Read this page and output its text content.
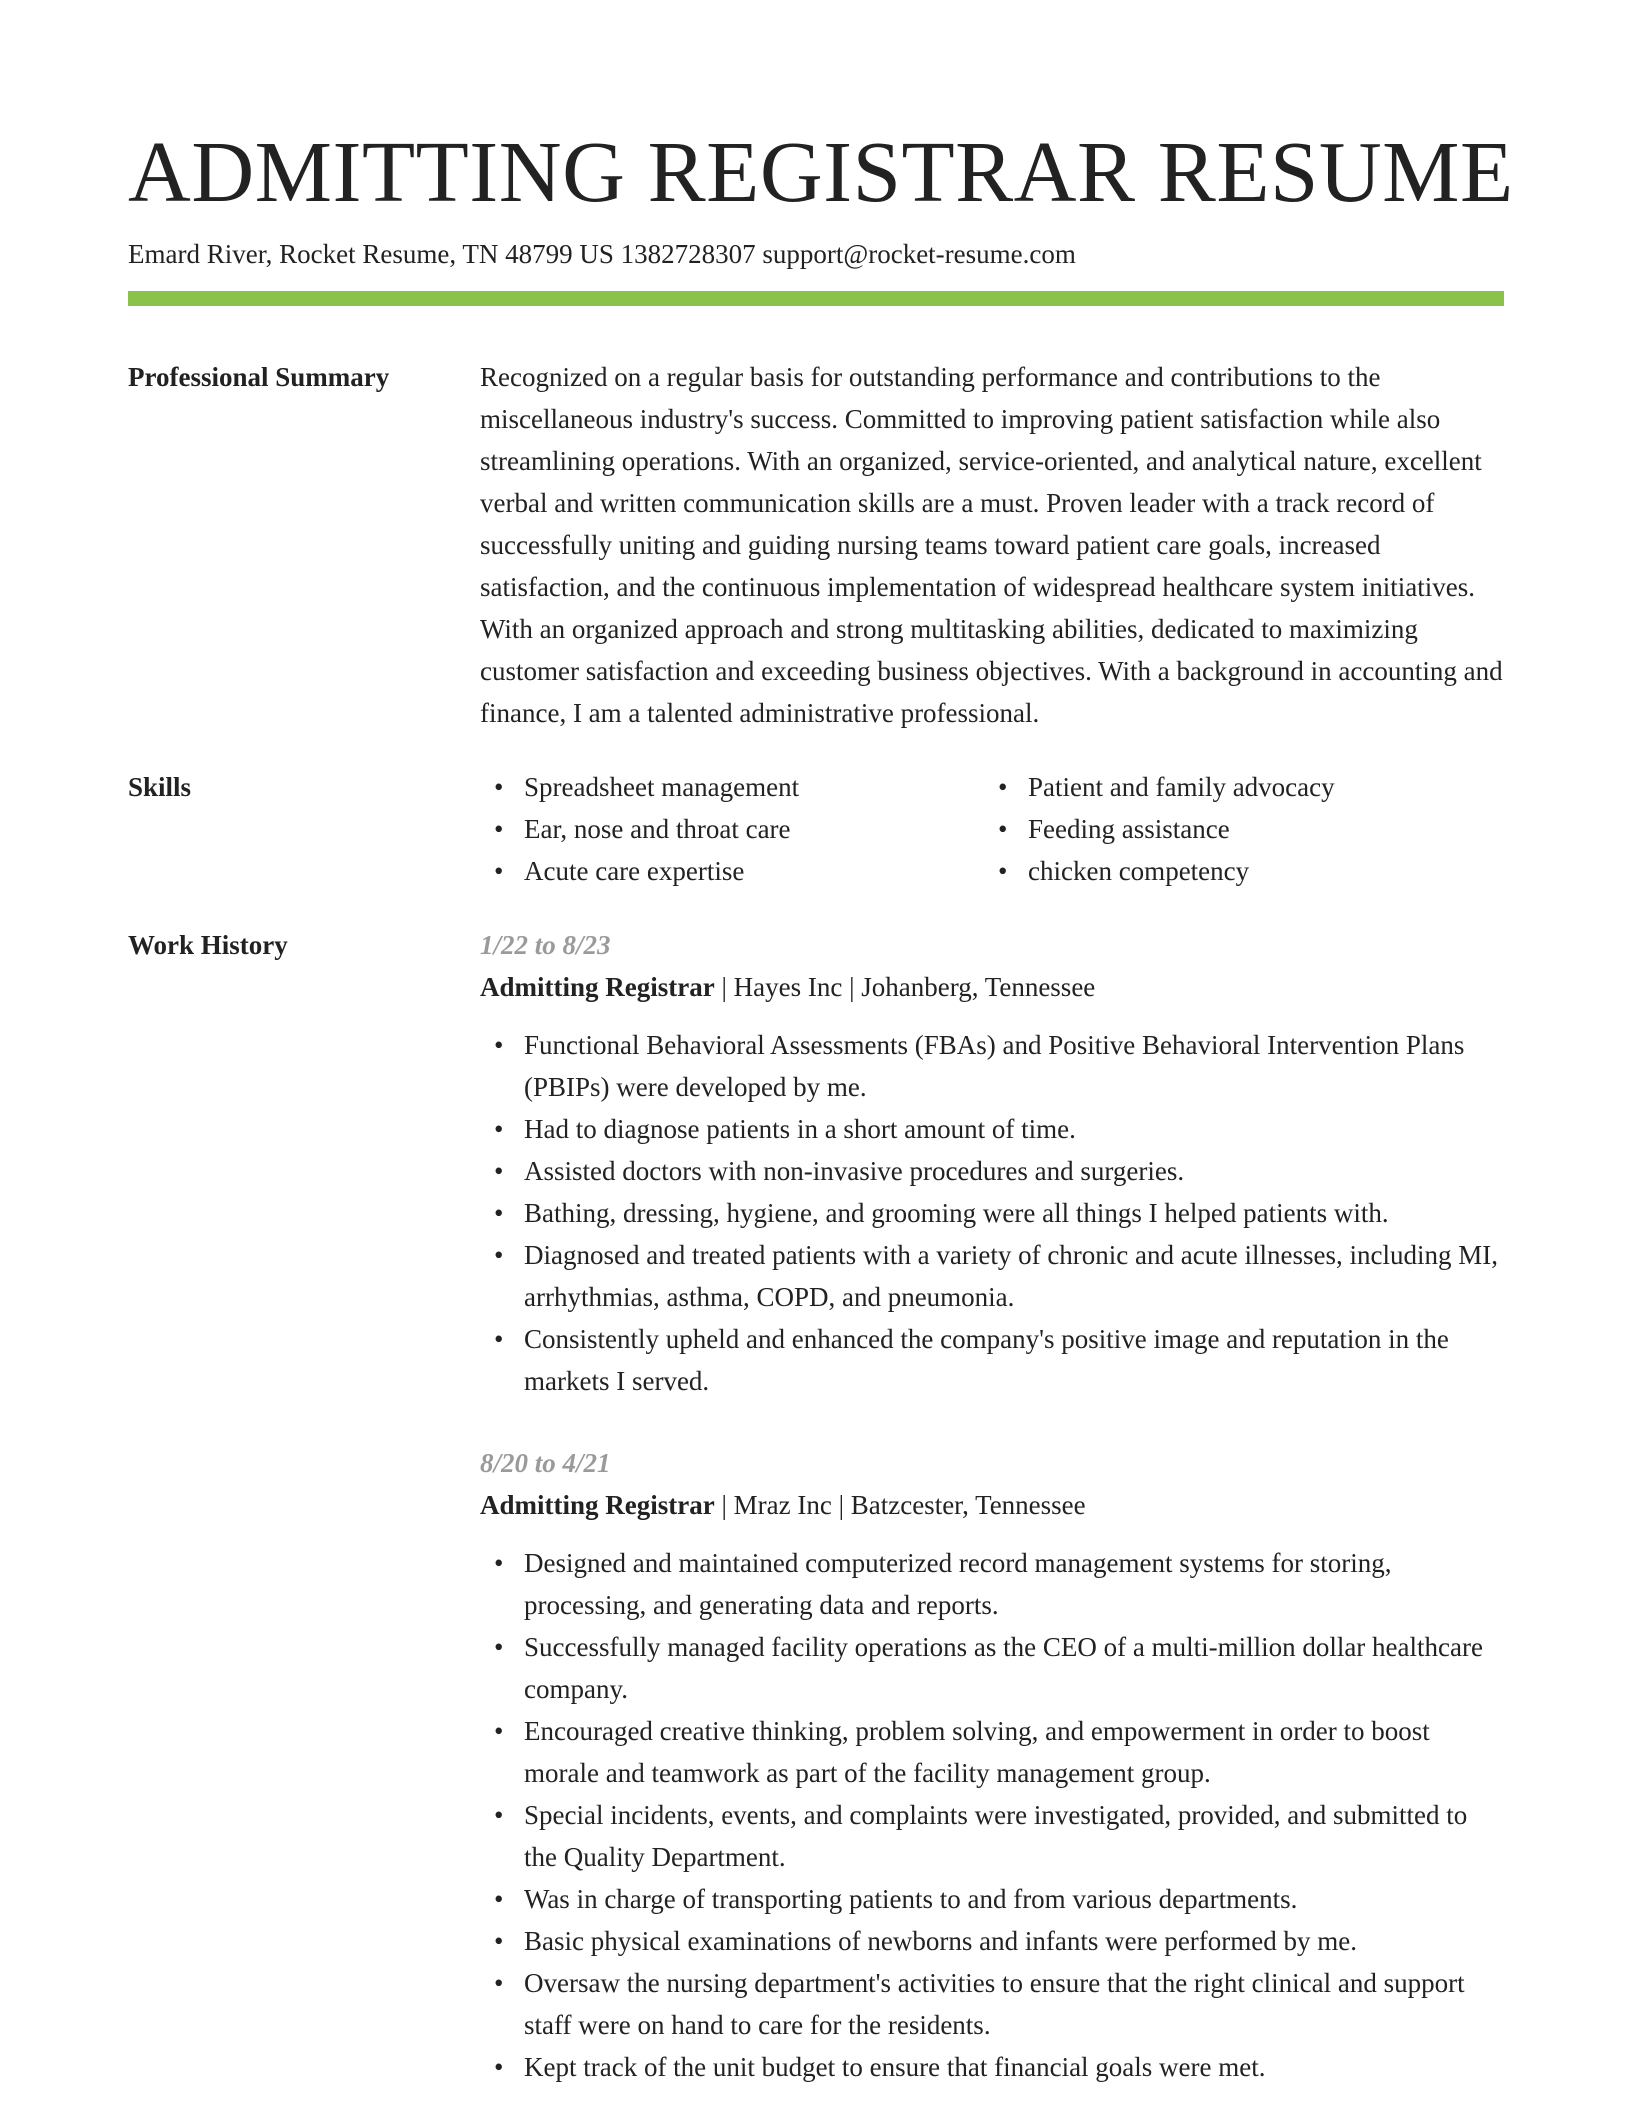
ADMITTING REGISTRAR RESUME
Emard River, Rocket Resume, TN 48799 US 1382728307 support@rocket-resume.com
Professional Summary	Recognized on a regular basis for outstanding performance and contributions to the miscellaneous industry's success. Committed to improving patient satisfaction while also streamlining operations. With an organized, service-oriented, and analytical nature, excellent verbal and written communication skills are a must. Proven leader with a track record of successfully uniting and guiding nursing teams toward patient care goals, increased satisfaction, and the continuous implementation of widespread healthcare system initiatives. With an organized approach and strong multitasking abilities, dedicated to maximizing customer satisfaction and exceeding business objectives. With a background in accounting and finance, I am a talented administrative professional.

Skills	• Spreadsheet management	• Patient and family advocacy
• Ear, nose and throat care	• Feeding assistance
• Acute care expertise	• chicken competency
Work History	1/22 to 8/23
Admitting Registrar | Hayes Inc | Johanberg, Tennessee
• Functional Behavioral Assessments (FBAs) and Positive Behavioral Intervention Plans (PBIPs) were developed by me.
• Had to diagnose patients in a short amount of time.
• Assisted doctors with non-invasive procedures and surgeries.
• Bathing, dressing, hygiene, and grooming were all things I helped patients with.
• Diagnosed and treated patients with a variety of chronic and acute illnesses, including MI, arrhythmias, asthma, COPD, and pneumonia.
• Consistently upheld and enhanced the company's positive image and reputation in the markets I served.
8/20 to 4/21
Admitting Registrar | Mraz Inc | Batzcester, Tennessee
• Designed and maintained computerized record management systems for storing, processing, and generating data and reports.
• Successfully managed facility operations as the CEO of a multi-million dollar healthcare company.
• Encouraged creative thinking, problem solving, and empowerment in order to boost morale and teamwork as part of the facility management group.
• Special incidents, events, and complaints were investigated, provided, and submitted to the Quality Department.
• Was in charge of transporting patients to and from various departments.
• Basic physical examinations of newborns and infants were performed by me.
• Oversaw the nursing department's activities to ensure that the right clinical and support staff were on hand to care for the residents.
• Kept track of the unit budget to ensure that financial goals were met.
